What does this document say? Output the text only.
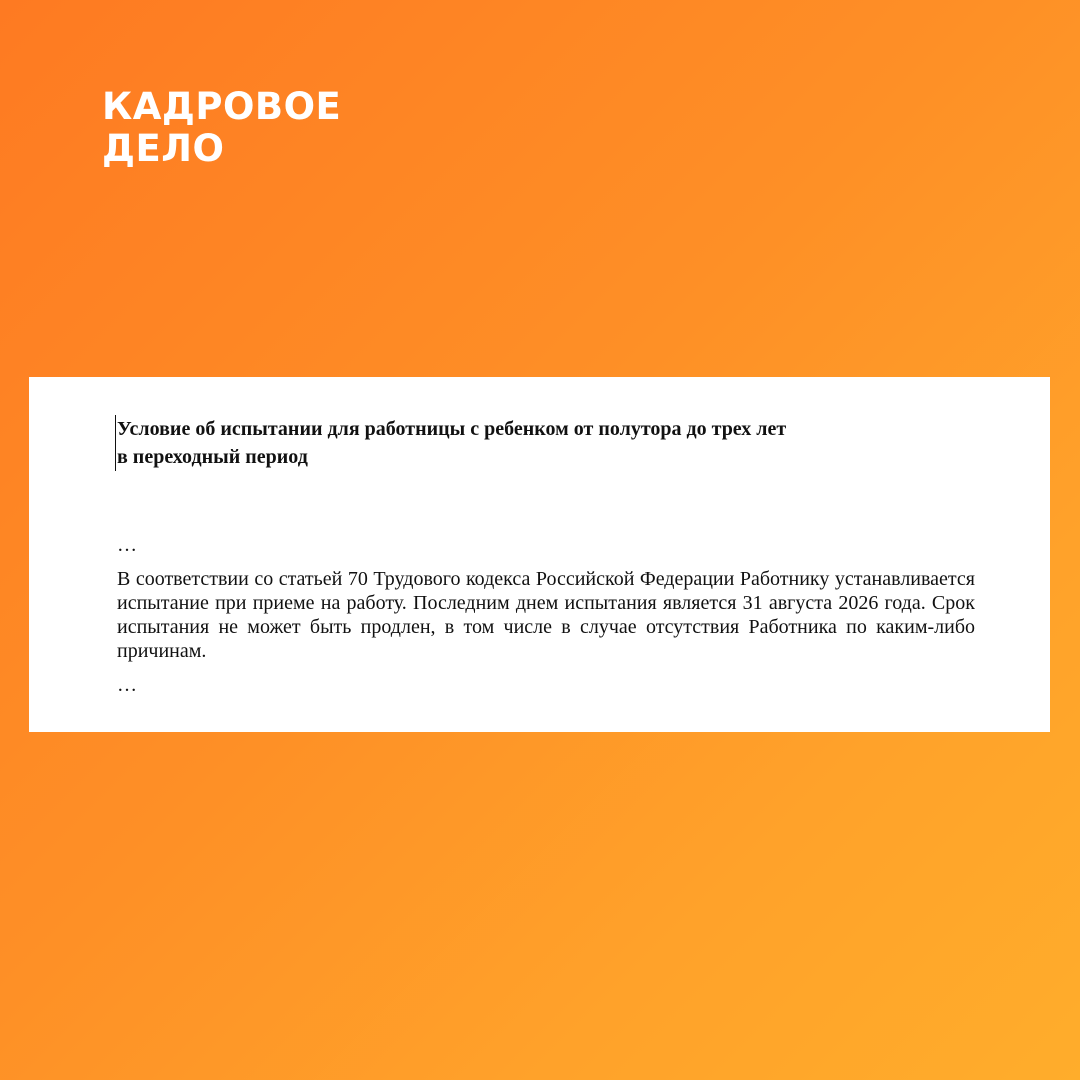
КАДРОВОЕ
ДЕЛО
Условие об испытании для работницы с ребенком от полутора до трех лет
в переходный период

…

В соответствии со статьей 70 Трудового кодекса Российской Федерации Работнику устанавливается испытание при приеме на работу. Последним днем испытания является 31 августа 2026 года. Срок испытания не может быть продлен, в том числе в случае отсутствия Работника по каким-либо причинам.

…
